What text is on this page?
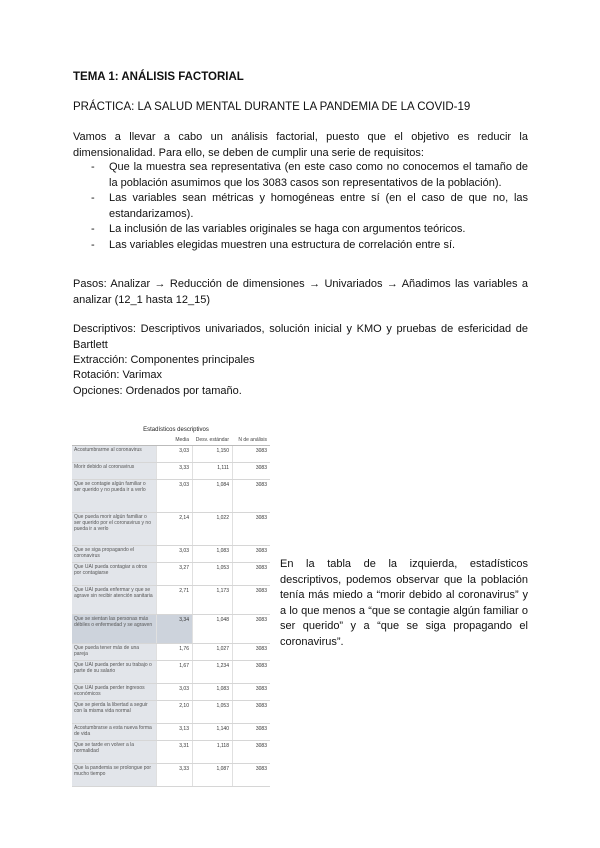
TEMA 1: ANÁLISIS FACTORIAL
PRÁCTICA: LA SALUD MENTAL DURANTE LA PANDEMIA DE LA COVID-19
Vamos a llevar a cabo un análisis factorial, puesto que el objetivo es reducir la dimensionalidad. Para ello, se deben de cumplir una serie de requisitos:
- Que la muestra sea representativa (en este caso como no conocemos el tamaño de la población asumimos que los 3083 casos son representativos de la población).
- Las variables sean métricas y homogéneas entre sí (en el caso de que no, las estandarizamos).
- La inclusión de las variables originales se haga con argumentos teóricos.
- Las variables elegidas muestren una estructura de correlación entre sí.
Pasos: Analizar → Reducción de dimensiones → Univariados → Añadimos las variables a analizar (12_1 hasta 12_15)
Descriptivos: Descriptivos univariados, solución inicial y KMO y pruebas de esfericidad de Bartlett
Extracción: Componentes principales
Rotación: Varimax
Opciones: Ordenados por tamaño.
Estadísticos descriptivos
Media	Desv. estándar	N de análisis
Acostumbrarme al coronavirus	3,03	1,150	3083
Morir debido al coronavirus	3,33	1,111	3083
Que se contagie algún familiar o ser querido y no pueda ir a verlo
3,03	1,084	3083
Que pueda morir algún familiar o ser querido por el coronavirus y no pueda ir a verlo
2,14	1,022	3083
Que se siga propagando el coronavirus
3,03	1,083	3083
Que UAI pueda contagiar a otros por contagiarse
3,27	1,053	3083
Que UAI pueda enfermar y que se agrave sin recibir atención sanitaria
2,71	1,173	3083
Que se sientan las personas más débiles o enfermedad y se agraven
3,34	1,048	3083
Que pueda tener más de una pareja
1,76	1,027	3083
Que UAI pueda perder su trabajo o parte de su salario
1,67	1,234	3083
Que UAI pueda perder ingresos económicos
3,03	1,083	3083
Que se pierda la libertad a seguir con la misma vida normal
2,10	1,053	3083
Acostumbrarse a esta nueva forma de vida
3,13	1,140	3083
Que se tarde en volver a la normalidad
3,31	1,118	3083
Que la pandemia se prolongue por mucho tiempo
3,33	1,087	3083
En la tabla de la izquierda, estadísticos descriptivos, podemos observar que la población tenía más miedo a “morir debido al coronavirus” y a lo que menos a “que se contagie algún familiar o ser querido” y a “que se siga propagando el coronavirus”.
